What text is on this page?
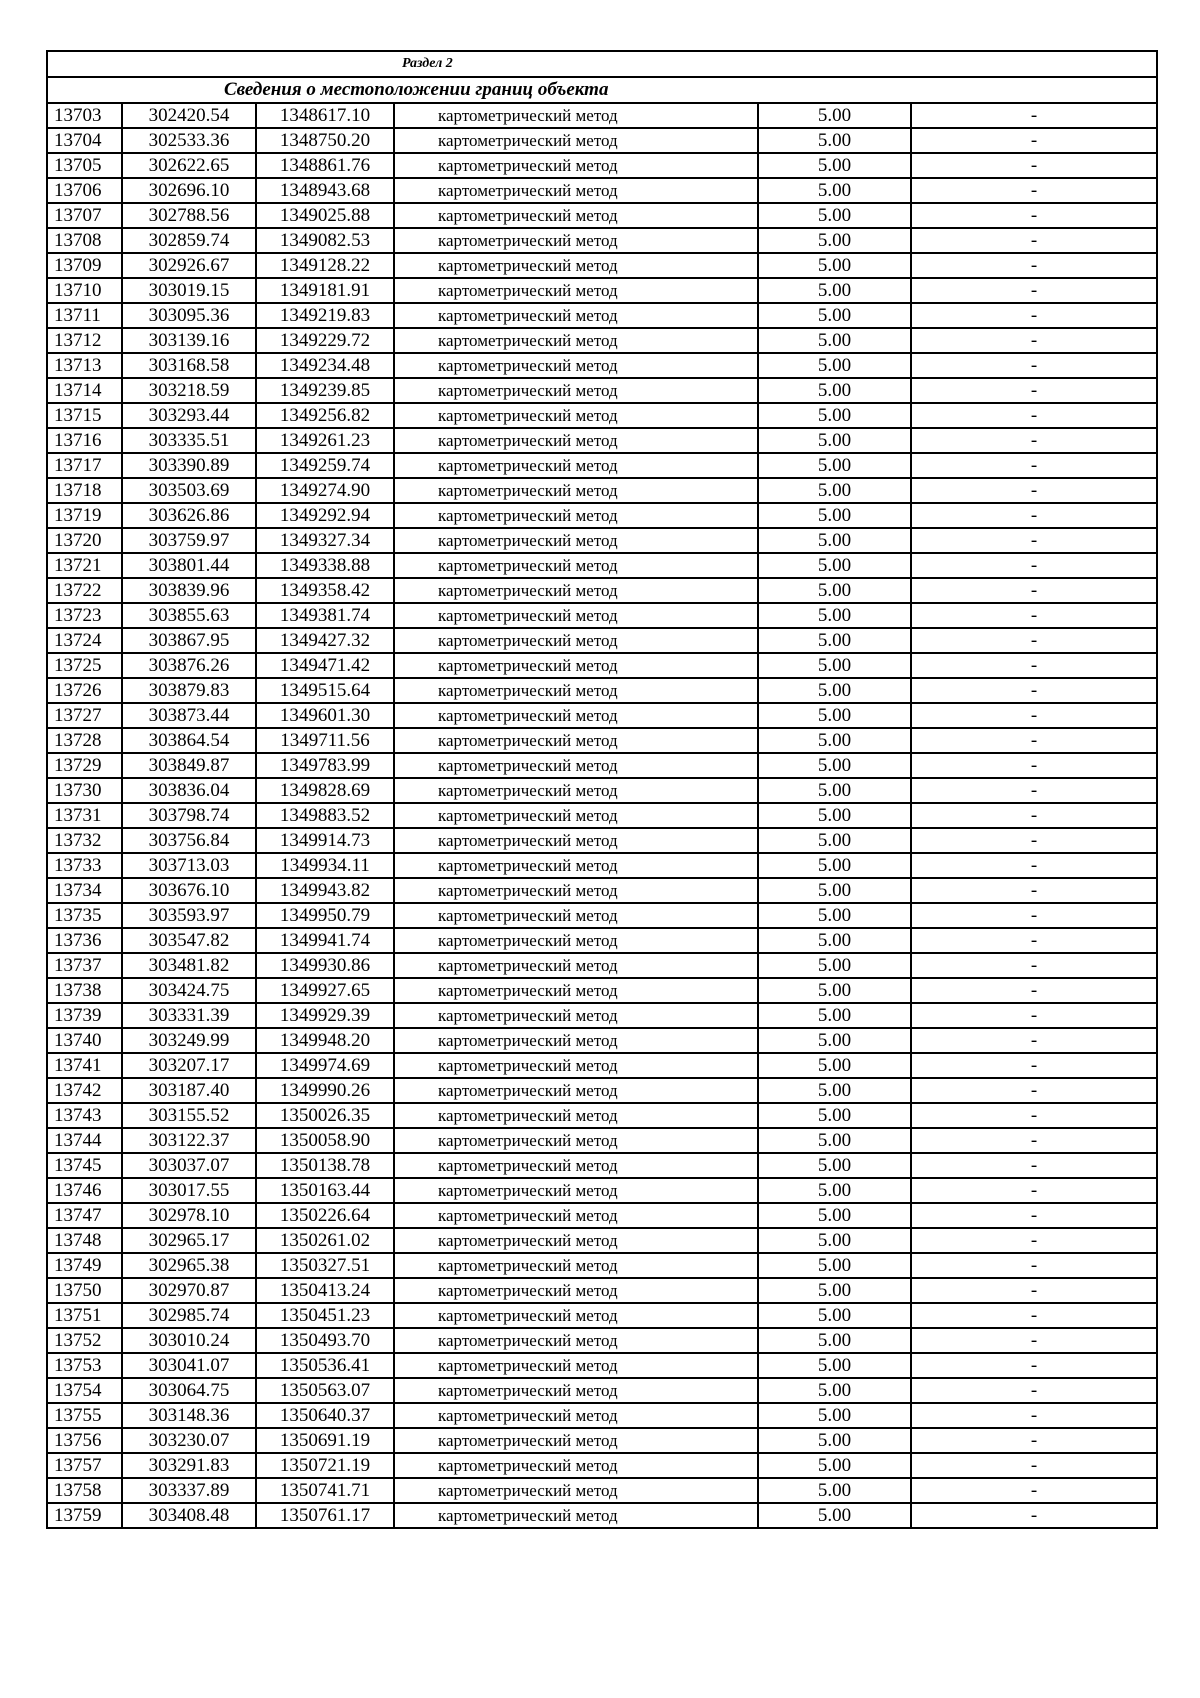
Раздел 2					
Сведения о местоположении границ объекта					
13703	302420.54	1348617.10	картометрический метод	5.00	-
13704	302533.36	1348750.20	картометрический метод	5.00	-
13705	302622.65	1348861.76	картометрический метод	5.00	-
13706	302696.10	1348943.68	картометрический метод	5.00	-
13707	302788.56	1349025.88	картометрический метод	5.00	-
13708	302859.74	1349082.53	картометрический метод	5.00	-
13709	302926.67	1349128.22	картометрический метод	5.00	-
13710	303019.15	1349181.91	картометрический метод	5.00	-
13711	303095.36	1349219.83	картометрический метод	5.00	-
13712	303139.16	1349229.72	картометрический метод	5.00	-
13713	303168.58	1349234.48	картометрический метод	5.00	-
13714	303218.59	1349239.85	картометрический метод	5.00	-
13715	303293.44	1349256.82	картометрический метод	5.00	-
13716	303335.51	1349261.23	картометрический метод	5.00	-
13717	303390.89	1349259.74	картометрический метод	5.00	-
13718	303503.69	1349274.90	картометрический метод	5.00	-
13719	303626.86	1349292.94	картометрический метод	5.00	-
13720	303759.97	1349327.34	картометрический метод	5.00	-
13721	303801.44	1349338.88	картометрический метод	5.00	-
13722	303839.96	1349358.42	картометрический метод	5.00	-
13723	303855.63	1349381.74	картометрический метод	5.00	-
13724	303867.95	1349427.32	картометрический метод	5.00	-
13725	303876.26	1349471.42	картометрический метод	5.00	-
13726	303879.83	1349515.64	картометрический метод	5.00	-
13727	303873.44	1349601.30	картометрический метод	5.00	-
13728	303864.54	1349711.56	картометрический метод	5.00	-
13729	303849.87	1349783.99	картометрический метод	5.00	-
13730	303836.04	1349828.69	картометрический метод	5.00	-
13731	303798.74	1349883.52	картометрический метод	5.00	-
13732	303756.84	1349914.73	картометрический метод	5.00	-
13733	303713.03	1349934.11	картометрический метод	5.00	-
13734	303676.10	1349943.82	картометрический метод	5.00	-
13735	303593.97	1349950.79	картометрический метод	5.00	-
13736	303547.82	1349941.74	картометрический метод	5.00	-
13737	303481.82	1349930.86	картометрический метод	5.00	-
13738	303424.75	1349927.65	картометрический метод	5.00	-
13739	303331.39	1349929.39	картометрический метод	5.00	-
13740	303249.99	1349948.20	картометрический метод	5.00	-
13741	303207.17	1349974.69	картометрический метод	5.00	-
13742	303187.40	1349990.26	картометрический метод	5.00	-
13743	303155.52	1350026.35	картометрический метод	5.00	-
13744	303122.37	1350058.90	картометрический метод	5.00	-
13745	303037.07	1350138.78	картометрический метод	5.00	-
13746	303017.55	1350163.44	картометрический метод	5.00	-
13747	302978.10	1350226.64	картометрический метод	5.00	-
13748	302965.17	1350261.02	картометрический метод	5.00	-
13749	302965.38	1350327.51	картометрический метод	5.00	-
13750	302970.87	1350413.24	картометрический метод	5.00	-
13751	302985.74	1350451.23	картометрический метод	5.00	-
13752	303010.24	1350493.70	картометрический метод	5.00	-
13753	303041.07	1350536.41	картометрический метод	5.00	-
13754	303064.75	1350563.07	картометрический метод	5.00	-
13755	303148.36	1350640.37	картометрический метод	5.00	-
13756	303230.07	1350691.19	картометрический метод	5.00	-
13757	303291.83	1350721.19	картометрический метод	5.00	-
13758	303337.89	1350741.71	картометрический метод	5.00	-
13759	303408.48	1350761.17	картометрический метод	5.00	-
